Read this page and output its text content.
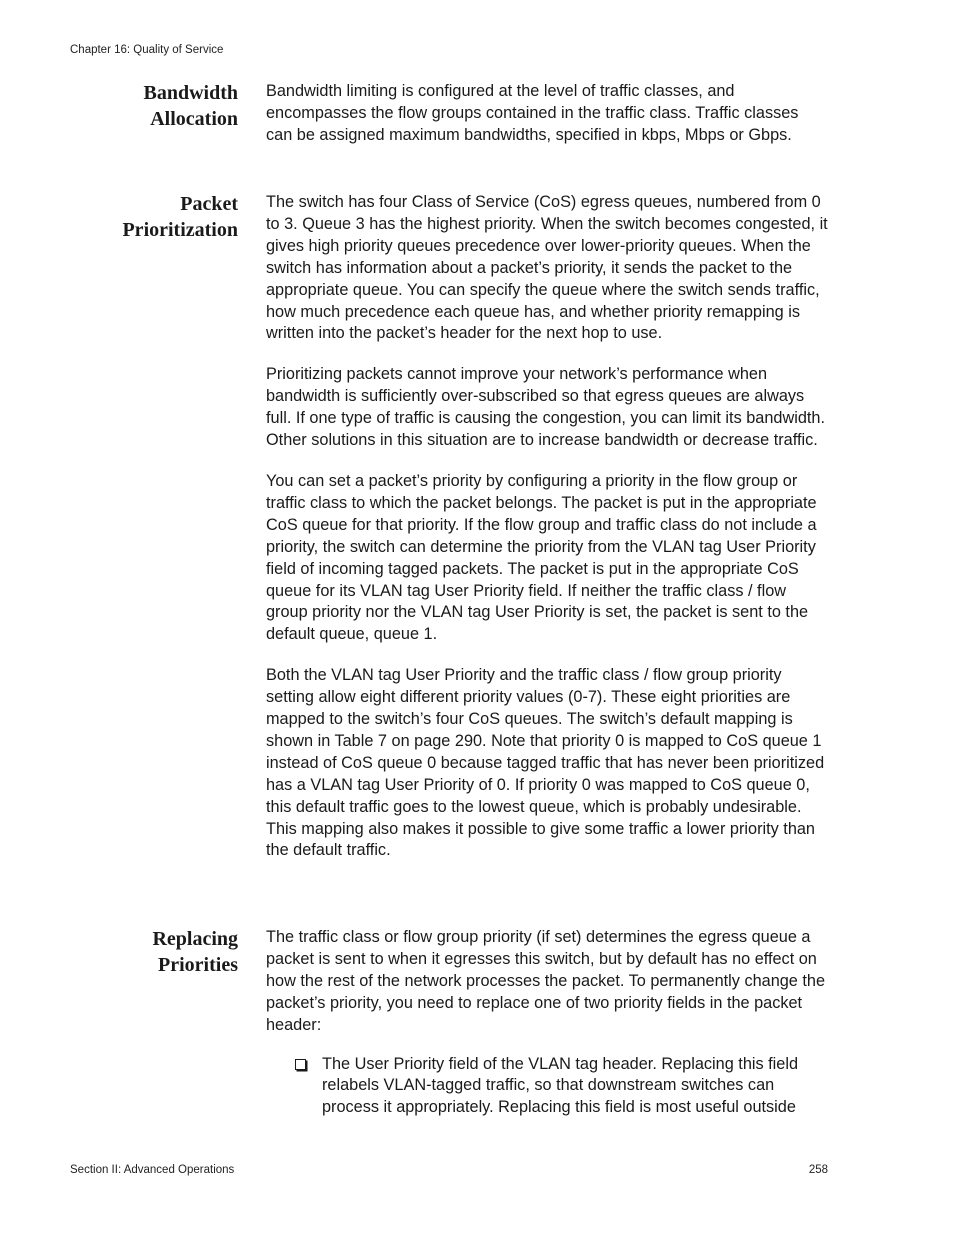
Chapter 16: Quality of Service
Bandwidth
Allocation

Bandwidth limiting is configured at the level of traffic classes, and encompasses the flow groups contained in the traffic class. Traffic classes can be assigned maximum bandwidths, specified in kbps, Mbps or Gbps.

Packet
Prioritization

The switch has four Class of Service (CoS) egress queues, numbered from 0 to 3. Queue 3 has the highest priority. When the switch becomes congested, it gives high priority queues precedence over lower-priority queues. When the switch has information about a packet’s priority, it sends the packet to the appropriate queue. You can specify the queue where the switch sends traffic, how much precedence each queue has, and whether priority remapping is written into the packet’s header for the next hop to use.

Prioritizing packets cannot improve your network’s performance when bandwidth is sufficiently over-subscribed so that egress queues are always full. If one type of traffic is causing the congestion, you can limit its bandwidth. Other solutions in this situation are to increase bandwidth or decrease traffic.

You can set a packet’s priority by configuring a priority in the flow group or traffic class to which the packet belongs. The packet is put in the appropriate CoS queue for that priority. If the flow group and traffic class do not include a priority, the switch can determine the priority from the VLAN tag User Priority field of incoming tagged packets. The packet is put in the appropriate CoS queue for its VLAN tag User Priority field. If neither the traffic class / flow group priority nor the VLAN tag User Priority is set, the packet is sent to the default queue, queue 1.

Both the VLAN tag User Priority and the traffic class / flow group priority setting allow eight different priority values (0-7). These eight priorities are mapped to the switch’s four CoS queues. The switch’s default mapping is shown in Table 7 on page 290. Note that priority 0 is mapped to CoS queue 1 instead of CoS queue 0 because tagged traffic that has never been prioritized has a VLAN tag User Priority of 0. If priority 0 was mapped to CoS queue 0, this default traffic goes to the lowest queue, which is probably undesirable. This mapping also makes it possible to give some traffic a lower priority than the default traffic.

Replacing
Priorities

The traffic class or flow group priority (if set) determines the egress queue a packet is sent to when it egresses this switch, but by default has no effect on how the rest of the network processes the packet. To permanently change the packet’s priority, you need to replace one of two priority fields in the packet header:

The User Priority field of the VLAN tag header. Replacing this field relabels VLAN-tagged traffic, so that downstream switches can process it appropriately. Replacing this field is most useful outside
Section II: Advanced Operations	258
